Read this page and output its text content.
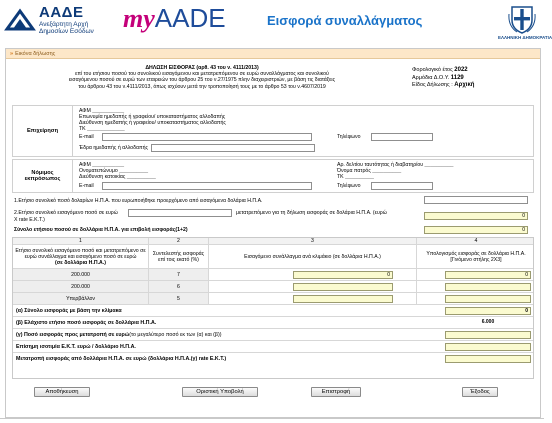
ΑΑΔΕ
Ανεξάρτητη Αρχή
Δημοσίων Εσόδων myAADE	Εισφορά συναλλάγματος
ΕΛΛΗΝΙΚΗ ΔΗΜΟΚΡΑΤΙΑ
» Εικόνα δήλωσης
ΔΗΛΩΣΗ ΕΙΣΦΟΡΑΣ (αρθ. 43 του ν. 4111/2013)
επί του ετήσιου ποσού του συνολικού εισαγόμενου και μετατρεπόμενου σε ευρώ συναλλάγματος και συνολικού
εισαγόμενου ποσού σε ευρώ των εταιρειών του άρθρου 25 του ν.27/1975 πλην διαχειριστριών, με βάση τις διατάξεις
του άρθρου 43 του ν.4111/2013, όπως ισχύουν μετά την τροποποίησή τους με το άρθρο 53 του ν.4607/2019
Φορολογικό έτος 2022
Αρμόδια Δ.Ο.Υ. 1129
Είδος Δήλωσης : Αρχική
Επιχείρηση
ΑΦΜ ___________
Επωνυμία ημεδαπής ή γραφείου/ υποκαταστήματος αλλοδαπής
Διεύθυνση ημεδαπής ή γραφείου/ υποκαταστήματος αλλοδαπής
ΤΚ _____________
E-mail	Τηλέφωνο
Έδρα ημεδαπής ή αλλοδαπής
Νόμιμος εκπρόσωπος
ΑΦΜ ___________
Ονοματεπώνυμο __________
Διεύθυνση κατοικίας __________
E-mail
Αρ. δελτίου ταυτότητας ή διαβατηρίου __________
Όνομα πατρός __________
ΤΚ __________
Τηλέφωνο
1.Ετήσιο συνολικό ποσό δολαρίων Η.Π.Α. που ευρωποιήθηκε προερχόμενο από εισαγόμενα δολάρια Η.Π.Α.
2.Ετήσιο συνολικό εισαγόμενο ποσό σε ευρώ	μετατρεπόμενο για τη δήλωση εισφοράς σε δολάρια Η.Π.Α. (ευρώ
X rate E.K.T.)
0
Σύνολο ετήσιου ποσού σε δολλάρια Η.Π.Α. για επιβολή εισφοράς(1+2)	0
1	2	3	4
Ετήσιο συνολικό εισαγόμενο ποσό και μετατρεπόμενο σε ευρώ συνάλλαγμα και εισαγόμενο ποσό σε ευρώ
(σε δολλάρια Η.Π.Α.)
Συντελεστής εισφοράς επί τοις εκατό (%)	Εισαγόμενο συνάλλαγμα ανά κλιμάκιο (σε δολλάρια Η.Π.Α.)	Υπολογισμός εισφοράς σε δολλάρια Η.Π.Α. [Γινόμενο στήλης 2Χ3]
200.000	7	0	0
200.000	6
Υπερβάλλον	5
(α) Σύνολο εισφοράς με βάση την κλίμακα	0
(β) Ελάχιστο ετήσιο ποσό εισφοράς σε δολλάρια Η.Π.Α.	6.000
(γ) Ποσό εισφοράς προς μετατροπή σε ευρώ (το μεγαλύτερο ποσό εκ των (α) και (β))
Επίσημη ισοτιμία Ε.Κ.Τ. ευρώ / δολλάριο Η.Π.Α.
Μετατροπή εισφοράς από δολλάρια Η.Π.Α. σε ευρώ (δολλάρια Η.Π.Α.(γ) rate E.K.T.)
Αποθήκευση	Οριστική Υποβολή	Επιστροφή	Έξοδος
